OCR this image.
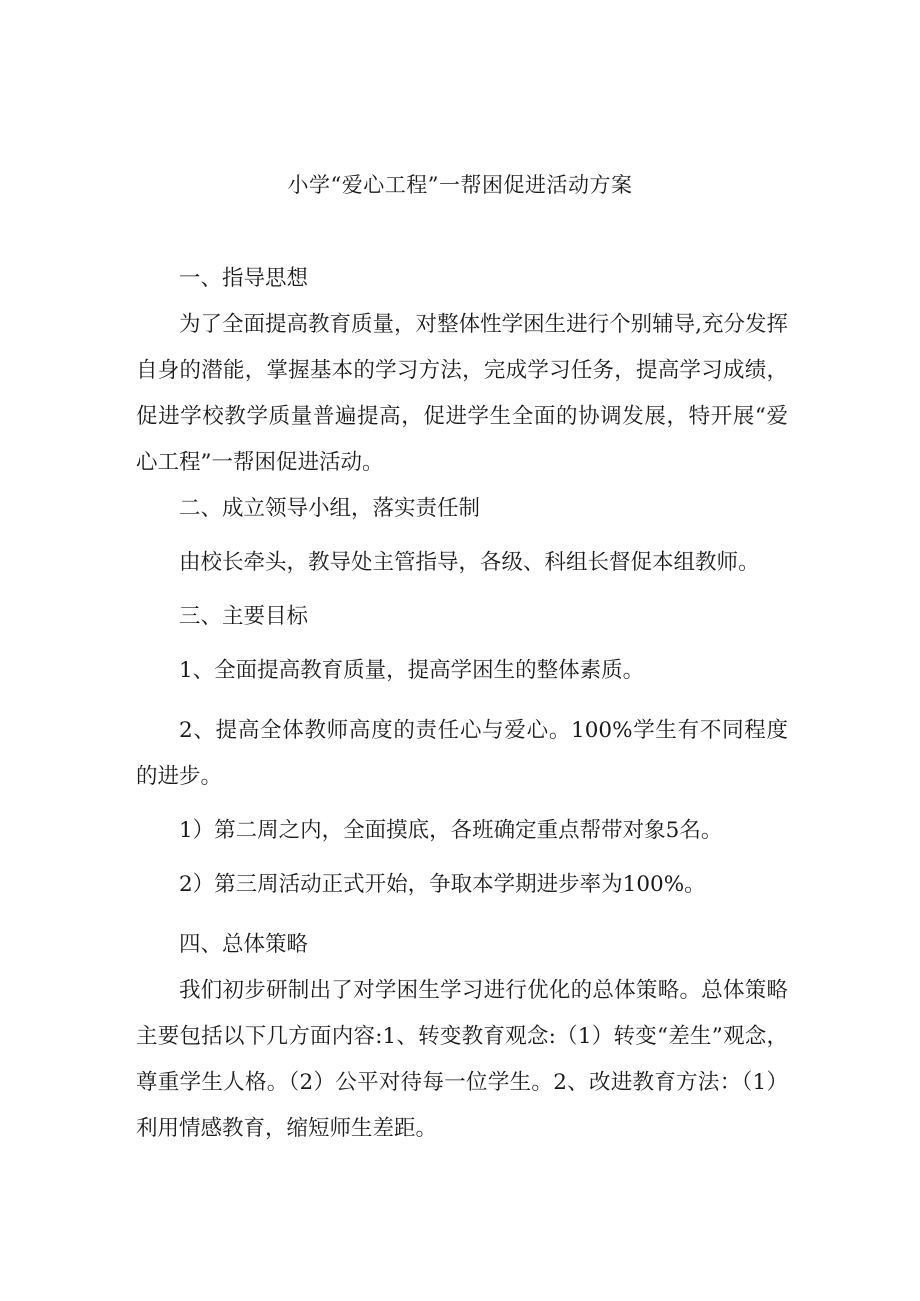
小学“爱心工程”一帮困促进活动方案

一、指导思想

为了全面提高教育质量，对整体性学困生进行个别辅导,充分发挥自身的潜能，掌握基本的学习方法，完成学习任务，提高学习成绩，促进学校教学质量普遍提高，促进学生全面的协调发展，特开展“爱心工程”一帮困促进活动。

二、成立领导小组，落实责任制

由校长牵头，教导处主管指导，各级、科组长督促本组教师。

三、主要目标

1、全面提高教育质量，提高学困生的整体素质。

2、提高全体教师高度的责任心与爱心。100%学生有不同程度的进步。

1）第二周之内，全面摸底，各班确定重点帮带对象5名。

2）第三周活动正式开始，争取本学期进步率为100%。

四、总体策略

我们初步研制出了对学困生学习进行优化的总体策略。总体策略主要包括以下几方面内容:1、转变教育观念:（1）转变“差生”观念，尊重学生人格。（2）公平对待每一位学生。2、改进教育方法：（1）利用情感教育，缩短师生差距。
